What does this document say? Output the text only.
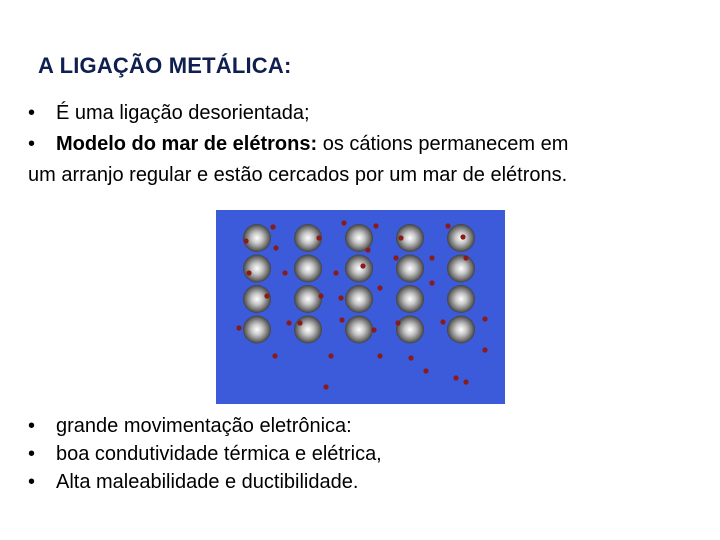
A LIGAÇÃO METÁLICA:
• É uma ligação desorientada;
• Modelo do mar de elétrons: os cátions permanecem em
um arranjo regular e estão cercados por um mar de elétrons.
• grande movimentação eletrônica:
• boa condutividade térmica e elétrica,
• Alta maleabilidade e ductibilidade.
